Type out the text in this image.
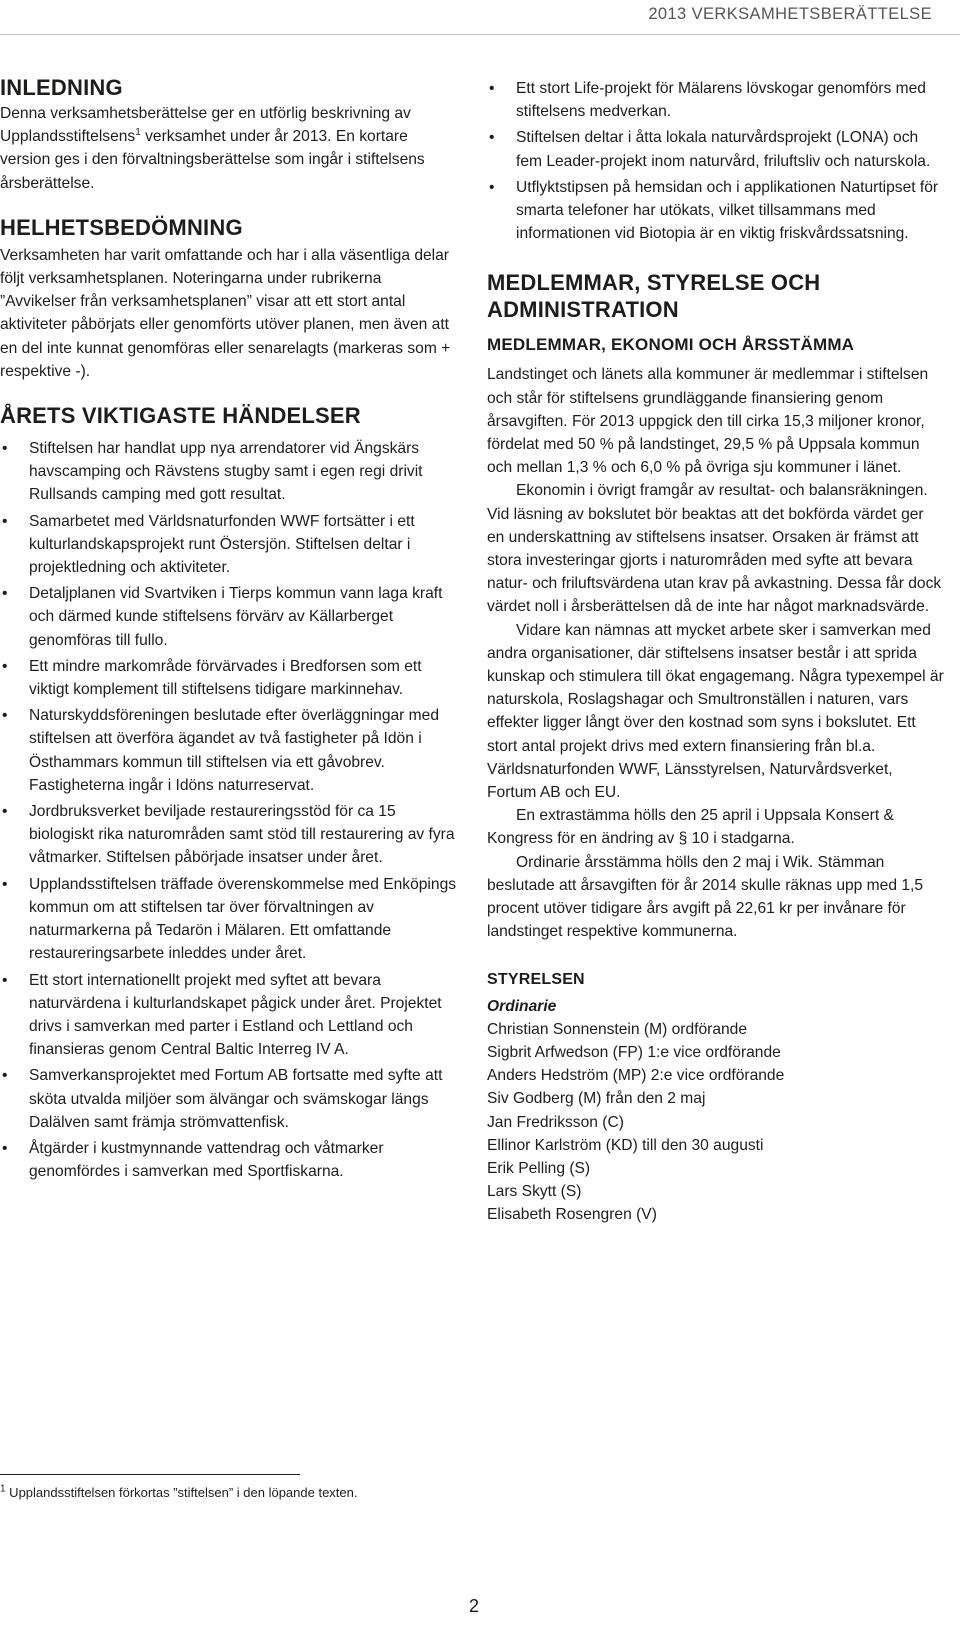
2013 VERKSAMHETSBERÄTTELSE
INLEDNING

Denna verksamhetsberättelse ger en utförlig beskrivning av Upplandsstiftelsens$^1$ verksamhet under år 2013. En kortare version ges i den förvaltningsberättelse som ingår i stiftelsens årsberättelse.

HELHETSBEDÖMNING

Verksamheten har varit omfattande och har i alla väsentliga delar följt verksamhetsplanen. Noteringarna under rubrikerna ”Avvikelser från verksamhetsplanen” visar att ett stort antal aktiviteter påbörjats eller genomförts utöver planen, men även att en del inte kunnat genomföras eller senarelagts (markeras som + respektive -).

ÅRETS VIKTIGASTE HÄNDELSER
• Stiftelsen har handlat upp nya arrendatorer vid Ängskärs havscamping och Rävstens stugby samt i egen regi drivit Rullsands camping med gott resultat.
• Samarbetet med Världsnaturfonden WWF fortsätter i ett kulturlandskapsprojekt runt Östersjön. Stiftelsen deltar i projektledning och aktiviteter.
• Detaljplanen vid Svartviken i Tierps kommun vann laga kraft och därmed kunde stiftelsens förvärv av Källarberget genomföras till fullo.
• Ett mindre markområde förvärvades i Bredforsen som ett viktigt komplement till stiftelsens tidigare markinnehav.
• Naturskyddsföreningen beslutade efter överläggningar med stiftelsen att överföra ägandet av två fastigheter på Idön i Östhammars kommun till stiftelsen via ett gåvobrev. Fastigheterna ingår i Idöns naturreservat.
• Jordbruksverket beviljade restaureringsstöd för ca 15 biologiskt rika naturområden samt stöd till restaurering av fyra våtmarker. Stiftelsen påbörjade insatser under året.
• Upplandsstiftelsen träffade överenskommelse med Enköpings kommun om att stiftelsen tar över förvaltningen av naturmarkerna på Tedarön i Mälaren. Ett omfattande restaureringsarbete inleddes under året.
• Ett stort internationellt projekt med syftet att bevara naturvärdena i kulturlandskapet pågick under året. Projektet drivs i samverkan med parter i Estland och Lettland och finansieras genom Central Baltic Interreg IV A.
• Samverkansprojektet med Fortum AB fortsatte med syfte att sköta utvalda miljöer som älvängar och svämskogar längs Dalälven samt främja strömvattenfisk.
• Åtgärder i kustmynnande vattendrag och våtmarker genomfördes i samverkan med Sportfiskarna.
• Ett stort Life-projekt för Mälarens lövskogar genomförs med stiftelsens medverkan.
• Stiftelsen deltar i åtta lokala naturvårdsprojekt (LONA) och fem Leader-projekt inom naturvård, friluftsliv och naturskola.
• Utflyktstipsen på hemsidan och i applikationen Naturtipset för smarta telefoner har utökats, vilket tillsammans med informationen vid Biotopia är en viktig friskvårdssatsning.
MEDLEMMAR, STYRELSE OCH ADMINISTRATION
MEDLEMMAR, EKONOMI OCH ÅRSSTÄMMA

Landstinget och länets alla kommuner är medlemmar i stiftelsen och står för stiftelsens grundläggande finansiering genom årsavgiften. För 2013 uppgick den till cirka 15,3 miljoner kronor, fördelat med 50 % på landstinget, 29,5 % på Uppsala kommun och mellan 1,3 % och 6,0 % på övriga sju kommuner i länet.

Ekonomin i övrigt framgår av resultat- och balansräkningen. Vid läsning av bokslutet bör beaktas att det bokförda värdet ger en underskattning av stiftelsens insatser. Orsaken är främst att stora investeringar gjorts i naturområden med syfte att bevara natur- och friluftsvärdena utan krav på avkastning. Dessa får dock värdet noll i årsberättelsen då de inte har något marknadsvärde.

Vidare kan nämnas att mycket arbete sker i samverkan med andra organisationer, där stiftelsens insatser består i att sprida kunskap och stimulera till ökat engagemang. Några typexempel är naturskola, Roslagshagar och Smultronställen i naturen, vars effekter ligger långt över den kostnad som syns i bokslutet. Ett stort antal projekt drivs med extern finansiering från bl.a. Världsnaturfonden WWF, Länsstyrelsen, Naturvårdsverket, Fortum AB och EU.

En extrastämma hölls den 25 april i Uppsala Konsert & Kongress för en ändring av § 10 i stadgarna.

Ordinarie årsstämma hölls den 2 maj i Wik. Stämman beslutade att årsavgiften för år 2014 skulle räknas upp med 1,5 procent utöver tidigare års avgift på 22,61 kr per invånare för landstinget respektive kommunerna.

STYRELSEN
Ordinarie
Christian Sonnenstein (M) ordförande
Sigbrit Arfwedson (FP) 1:e vice ordförande
Anders Hedström (MP) 2:e vice ordförande
Siv Godberg (M) från den 2 maj
Jan Fredriksson (C)
Ellinor Karlström (KD) till den 30 augusti
Erik Pelling (S)
Lars Skytt (S)
Elisabeth Rosengren (V)
$^1$ Upplandsstiftelsen förkortas ”stiftelsen” i den löpande texten.
2
